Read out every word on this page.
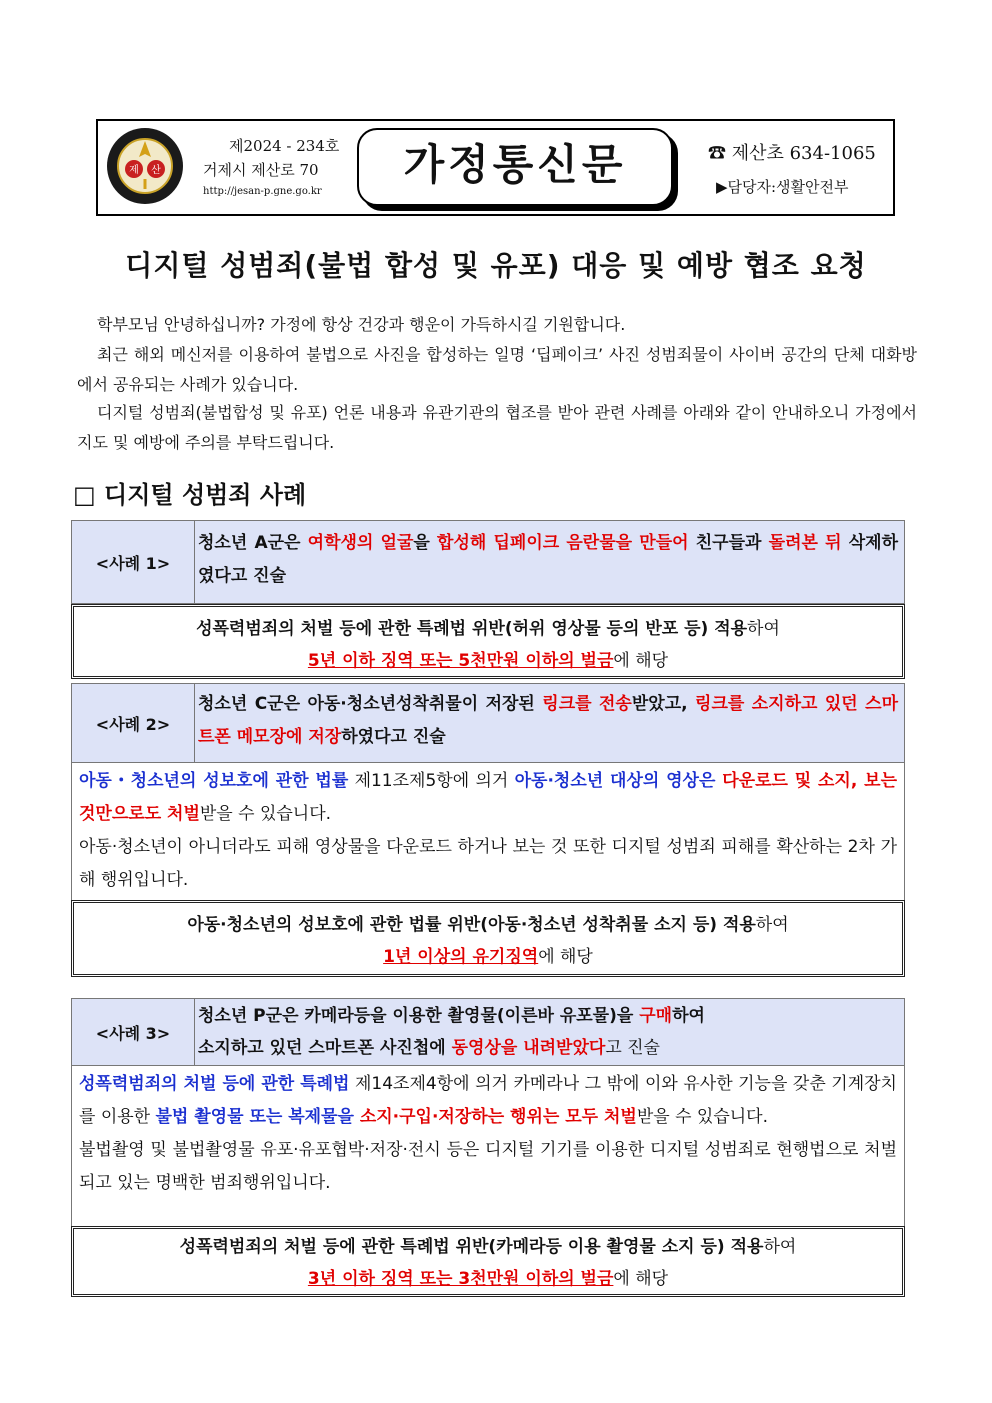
제 산
제2024 - 234호
거제시 제산로 70
http://jesan-p.gne.go.kr
가정통신문	☎ 제산초 634-1065
▶담당자:생활안전부
디지털 성범죄(불법 합성 및 유포) 대응 및 예방 협조 요청
학부모님 안녕하십니까? 가정에 항상 건강과 행운이 가득하시길 기원합니다.
최근 해외 메신저를 이용하여 불법으로 사진을 합성하는 일명 ‘딥페이크’ 사진 성범죄물이 사이버 공간의 단체 대화방에서 공유되는 사례가 있습니다.
디지털 성범죄(불법합성 및 유포) 언론 내용과 유관기관의 협조를 받아 관련 사례를 아래와 같이 안내하오니 가정에서 지도 및 예방에 주의를 부탁드립니다.
□ 디지털 성범죄 사례
<사례 1>
청소년 A군은 여학생의 얼굴을 합성해 딥페이크 음란물을 만들어 친구들과 돌려본 뒤 삭제하였다고 진술
성폭력범죄의 처벌 등에 관한 특례법 위반(허위 영상물 등의 반포 등) 적용하여
5년 이하 징역 또는 5천만원 이하의 벌금에 해당
<사례 2>
청소년 C군은 아동·청소년성착취물이 저장된 링크를 전송받았고, 링크를 소지하고 있던 스마트폰 메모장에 저장하였다고 진술
아동・청소년의 성보호에 관한 법률 제11조제5항에 의거 아동·청소년 대상의 영상은 다운로드 및 소지, 보는 것만으로도 처벌받을 수 있습니다.
아동·청소년이 아니더라도 피해 영상물을 다운로드 하거나 보는 것 또한 디지털 성범죄 피해를 확산하는 2차 가해 행위입니다.
아동·청소년의 성보호에 관한 법률 위반(아동·청소년 성착취물 소지 등) 적용하여
1년 이상의 유기징역에 해당
<사례 3>
청소년 P군은 카메라등을 이용한 촬영물(이른바 유포물)을 구매하여
소지하고 있던 스마트폰 사진첩에 동영상을 내려받았다고 진술
성폭력범죄의 처벌 등에 관한 특례법 제14조제4항에 의거 카메라나 그 밖에 이와 유사한 기능을 갖춘 기계장치를 이용한 불법 촬영물 또는 복제물을 소지·구입·저장하는 행위는 모두 처벌받을 수 있습니다.
불법촬영 및 불법촬영물 유포·유포협박·저장·전시 등은 디지털 기기를 이용한 디지털 성범죄로 현행법으로 처벌되고 있는 명백한 범죄행위입니다.
성폭력범죄의 처벌 등에 관한 특례법 위반(카메라등 이용 촬영물 소지 등) 적용하여
3년 이하 징역 또는 3천만원 이하의 벌금에 해당
